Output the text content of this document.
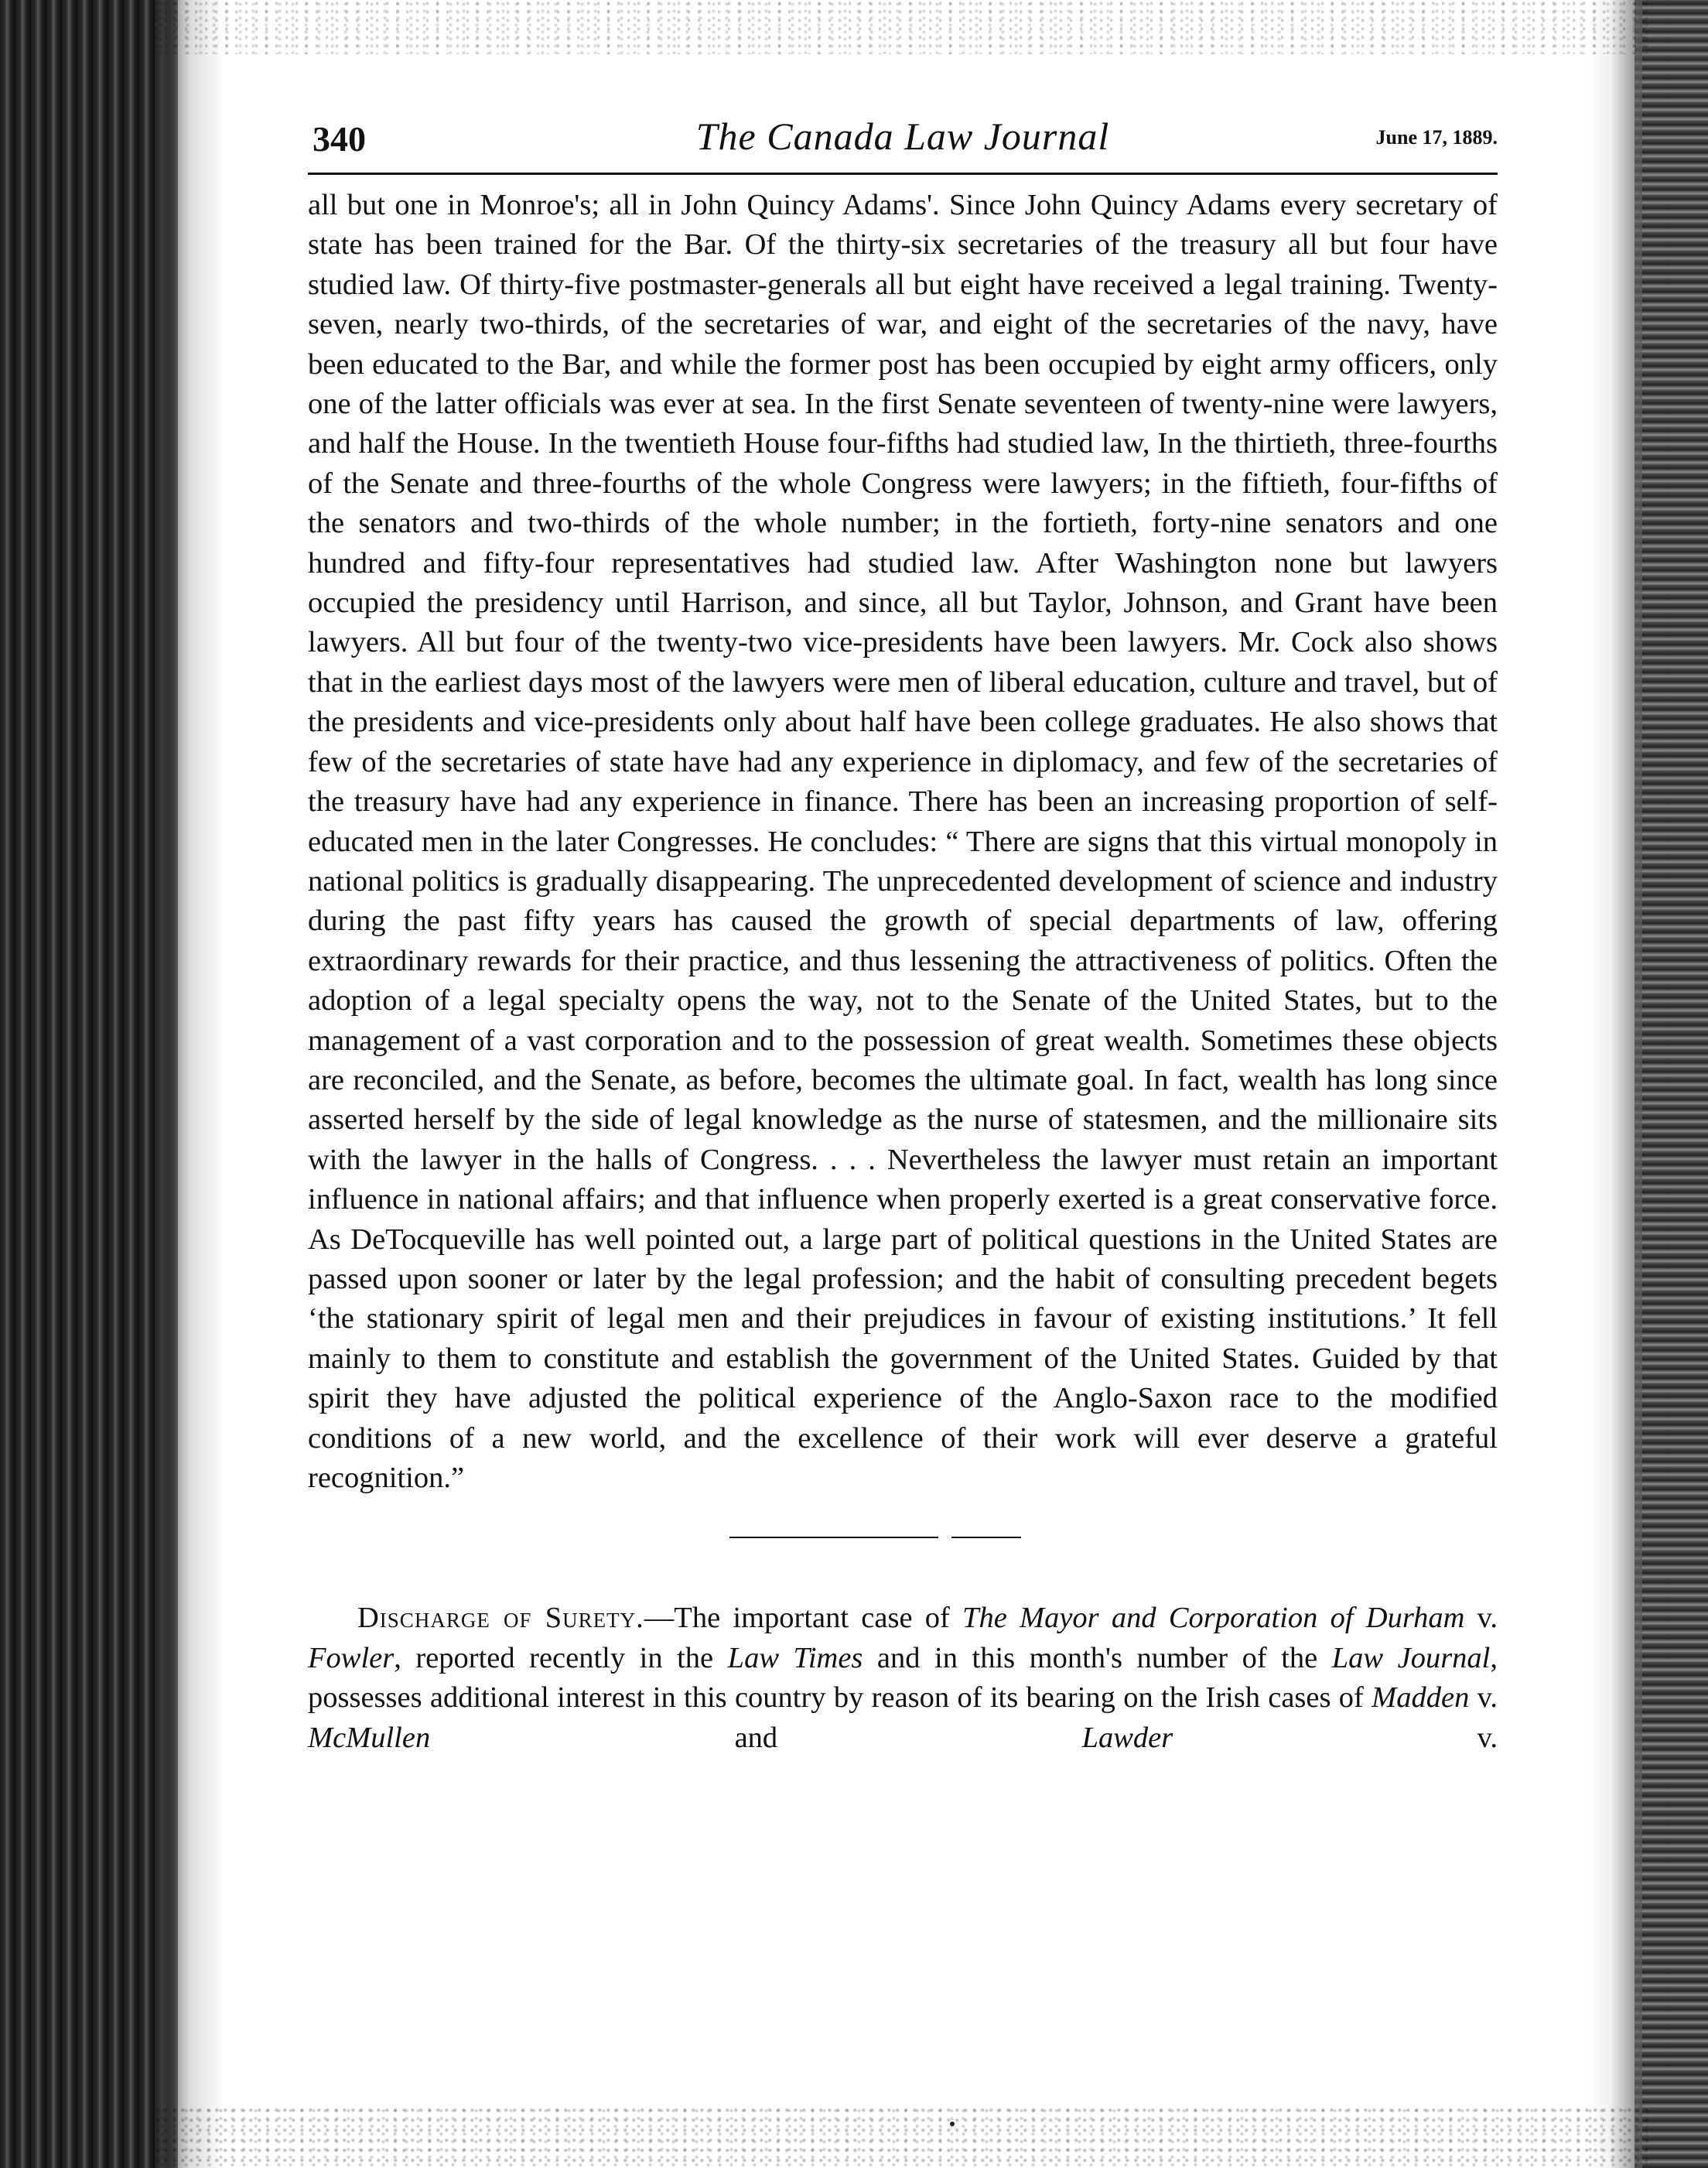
340	The Canada Law Journal	June 17, 1889.

all but one in Monroe's; all in John Quincy Adams'. Since John Quincy Adams every secretary of state has been trained for the Bar. Of the thirty-six secretaries of the treasury all but four have studied law. Of thirty-five postmaster-generals all but eight have received a legal training. Twenty-seven, nearly two-thirds, of the secretaries of war, and eight of the secretaries of the navy, have been educated to the Bar, and while the former post has been occupied by eight army officers, only one of the latter officials was ever at sea. In the first Senate seventeen of twenty-nine were lawyers, and half the House. In the twentieth House four-fifths had studied law, In the thirtieth, three-fourths of the Senate and three-fourths of the whole Congress were lawyers; in the fiftieth, four-fifths of the senators and two-thirds of the whole number; in the fortieth, forty-nine senators and one hundred and fifty-four representatives had studied law. After Washington none but lawyers occupied the presidency until Harrison, and since, all but Taylor, Johnson, and Grant have been lawyers. All but four of the twenty-two vice-presidents have been lawyers. Mr. Cock also shows that in the earliest days most of the lawyers were men of liberal education, culture and travel, but of the presidents and vice-presidents only about half have been college graduates. He also shows that few of the secretaries of state have had any experience in diplomacy, and few of the secretaries of the treasury have had any experience in finance. There has been an increasing proportion of self-educated men in the later Congresses. He concludes: “ There are signs that this virtual monopoly in national politics is gradually disappearing. The unprecedented development of science and industry during the past fifty years has caused the growth of special departments of law, offering extraordinary rewards for their practice, and thus lessening the attractiveness of politics. Often the adoption of a legal specialty opens the way, not to the Senate of the United States, but to the management of a vast corporation and to the possession of great wealth. Sometimes these objects are reconciled, and the Senate, as before, becomes the ultimate goal. In fact, wealth has long since asserted herself by the side of legal knowledge as the nurse of statesmen, and the millionaire sits with the lawyer in the halls of Congress. . . . Nevertheless the lawyer must retain an important influence in national affairs; and that influence when properly exerted is a great conservative force. As DeTocqueville has well pointed out, a large part of political questions in the United States are passed upon sooner or later by the legal profession; and the habit of consulting precedent begets ‘the stationary spirit of legal men and their prejudices in favour of existing institutions.’ It fell mainly to them to constitute and establish the government of the United States. Guided by that spirit they have adjusted the political experience of the Anglo-Saxon race to the modified conditions of a new world, and the excellence of their work will ever deserve a grateful recognition.”

Discharge of Surety.—The important case of The Mayor and Corporation of Durham v. Fowler, reported recently in the Law Times and in this month's number of the Law Journal, possesses additional interest in this country by reason of its bearing on the Irish cases of Madden v. McMullen and Lawder v.
